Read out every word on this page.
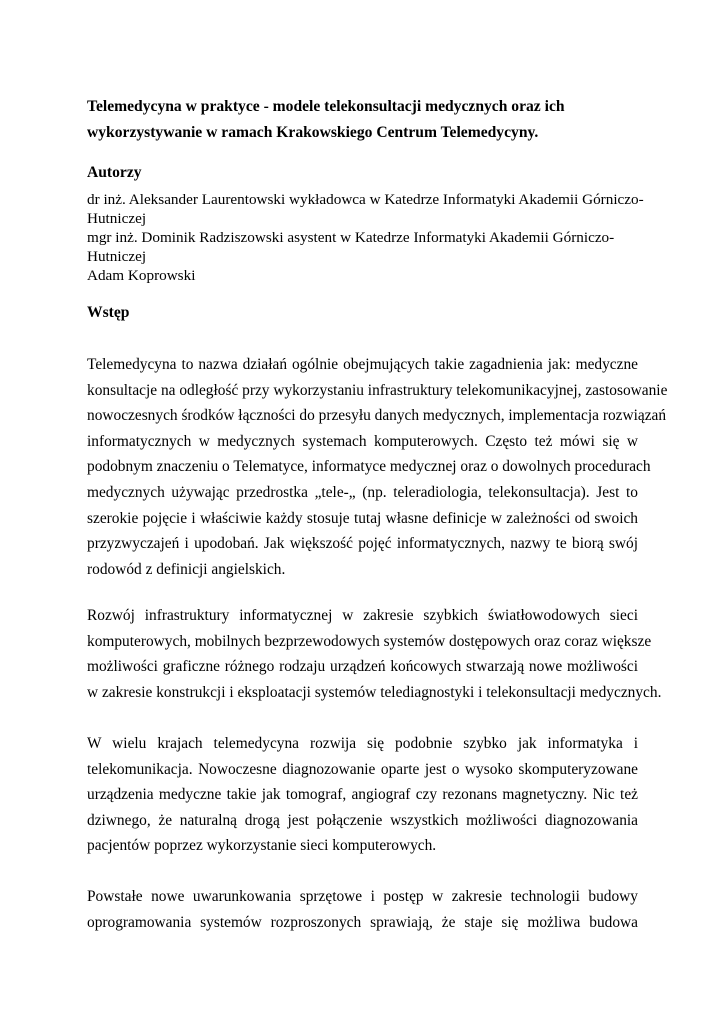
Telemedycyna w praktyce - modele telekonsultacji medycznych oraz ich
wykorzystywanie w ramach Krakowskiego Centrum Telemedycyny.
Autorzy
dr inż. Aleksander Laurentowski wykładowca w Katedrze Informatyki Akademii Górniczo-
Hutniczej
mgr inż. Dominik Radziszowski asystent w Katedrze Informatyki Akademii Górniczo-
Hutniczej
Adam Koprowski
Wstęp
Telemedycyna to nazwa działań ogólnie obejmujących takie zagadnienia jak: medyczne
konsultacje na odległość przy wykorzystaniu infrastruktury telekomunikacyjnej, zastosowanie
nowoczesnych środków łączności do przesyłu danych medycznych, implementacja rozwiązań
informatycznych w medycznych systemach komputerowych. Często też mówi się w
podobnym znaczeniu o Telematyce, informatyce medycznej oraz o dowolnych procedurach
medycznych używając przedrostka „tele-„ (np. teleradiologia, telekonsultacja). Jest to
szerokie pojęcie i właściwie każdy stosuje tutaj własne definicje w zależności od swoich
przyzwyczajeń i upodobań. Jak większość pojęć informatycznych, nazwy te biorą swój
rodowód z definicji angielskich.
Rozwój infrastruktury informatycznej w zakresie szybkich światłowodowych sieci
komputerowych, mobilnych bezprzewodowych systemów dostępowych oraz coraz większe
możliwości graficzne różnego rodzaju urządzeń końcowych stwarzają nowe możliwości
w zakresie konstrukcji i eksploatacji systemów telediagnostyki i telekonsultacji medycznych.
W wielu krajach telemedycyna rozwija się podobnie szybko jak informatyka i
telekomunikacja. Nowoczesne diagnozowanie oparte jest o wysoko skomputeryzowane
urządzenia medyczne takie jak tomograf, angiograf czy rezonans magnetyczny. Nic też
dziwnego, że naturalną drogą jest połączenie wszystkich możliwości diagnozowania
pacjentów poprzez wykorzystanie sieci komputerowych.
Powstałe nowe uwarunkowania sprzętowe i postęp w zakresie technologii budowy
oprogramowania systemów rozproszonych sprawiają, że staje się możliwa budowa
